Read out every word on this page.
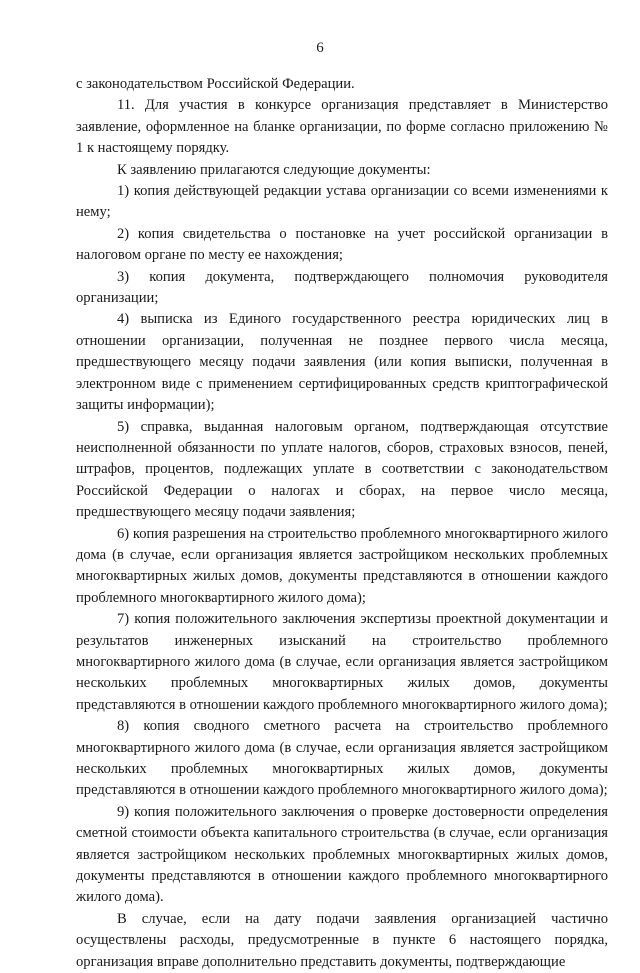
6

с законодательством Российской Федерации.

11. Для участия в конкурсе организация представляет в Министерство заявление, оформленное на бланке организации, по форме согласно приложению № 1 к настоящему порядку.

К заявлению прилагаются следующие документы:

1) копия действующей редакции устава организации со всеми изменениями к нему;

2) копия свидетельства о постановке на учет российской организации в налоговом органе по месту ее нахождения;

3) копия документа, подтверждающего полномочия руководителя организации;

4) выписка из Единого государственного реестра юридических лиц в отношении организации, полученная не позднее первого числа месяца, предшествующего месяцу подачи заявления (или копия выписки, полученная в электронном виде с применением сертифицированных средств криптографической защиты информации);

5) справка, выданная налоговым органом, подтверждающая отсутствие неисполненной обязанности по уплате налогов, сборов, страховых взносов, пеней, штрафов, процентов, подлежащих уплате в соответствии с законодательством Российской Федерации о налогах и сборах, на первое число месяца, предшествующего месяцу подачи заявления;

6) копия разрешения на строительство проблемного многоквартирного жилого дома (в случае, если организация является застройщиком нескольких проблемных многоквартирных жилых домов, документы представляются в отношении каждого проблемного многоквартирного жилого дома);

7) копия положительного заключения экспертизы проектной документации и результатов инженерных изысканий на строительство проблемного многоквартирного жилого дома (в случае, если организация является застройщиком нескольких проблемных многоквартирных жилых домов, документы представляются в отношении каждого проблемного многоквартирного жилого дома);

8) копия сводного сметного расчета на строительство проблемного многоквартирного жилого дома (в случае, если организация является застройщиком нескольких проблемных многоквартирных жилых домов, документы представляются в отношении каждого проблемного многоквартирного жилого дома);

9) копия положительного заключения о проверке достоверности определения сметной стоимости объекта капитального строительства (в случае, если организация является застройщиком нескольких проблемных многоквартирных жилых домов, документы представляются в отношении каждого проблемного многоквартирного жилого дома).

В случае, если на дату подачи заявления организацией частично осуществлены расходы, предусмотренные в пункте 6 настоящего порядка, организация вправе дополнительно представить документы, подтверждающие
